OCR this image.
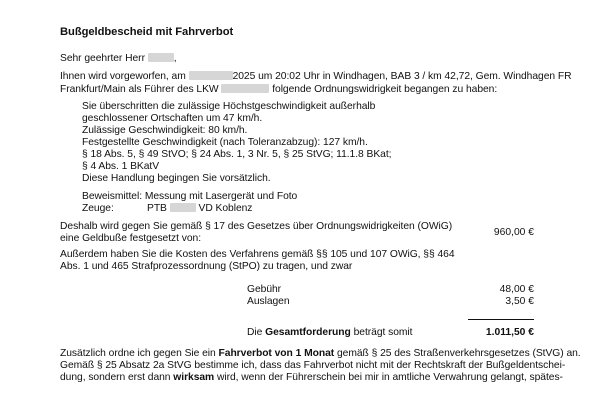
Bußgeldbescheid mit Fahrverbot
Sehr geehrter Herr	,
Ihnen wird vorgeworfen, am	2025 um 20:02 Uhr in Windhagen, BAB 3 / km 42,72, Gem. Windhagen FR
Frankfurt/Main als Führer des LKW	folgende Ordnungswidrigkeit begangen zu haben:
Sie überschritten die zulässige Höchstgeschwindigkeit außerhalb
geschlossener Ortschaften um 47 km/h.
Zulässige Geschwindigkeit: 80 km/h.
Festgestellte Geschwindigkeit (nach Toleranzabzug): 127 km/h.
§ 18 Abs. 5, § 49 StVO; § 24 Abs. 1, 3 Nr. 5, § 25 StVG; 11.1.8 BKat;
§ 4 Abs. 1 BKatV
Diese Handlung begingen Sie vorsätzlich.
Beweismittel: Messung mit Lasergerät und Foto
Zeuge:	PTB	VD Koblenz
Deshalb wird gegen Sie gemäß § 17 des Gesetzes über Ordnungswidrigkeiten (OWiG)
eine Geldbuße festgesetzt von:
960,00 €
Außerdem haben Sie die Kosten des Verfahrens gemäß §§ 105 und 107 OWiG, §§ 464
Abs. 1 und 465 Strafprozessordnung (StPO) zu tragen, und zwar
Gebühr	48,00 €
Auslagen	3,50 €
Die Gesamtforderung beträgt somit	1.011,50 €
Zusätzlich ordne ich gegen Sie ein Fahrverbot von 1 Monat gemäß § 25 des Straßenverkehrsgesetzes (StVG) an.
Gemäß § 25 Absatz 2a StVG bestimme ich, dass das Fahrverbot nicht mit der Rechtskraft der Bußgeldentschei-
dung, sondern erst dann wirksam wird, wenn der Führerschein bei mir in amtliche Verwahrung gelangt, spätes-
